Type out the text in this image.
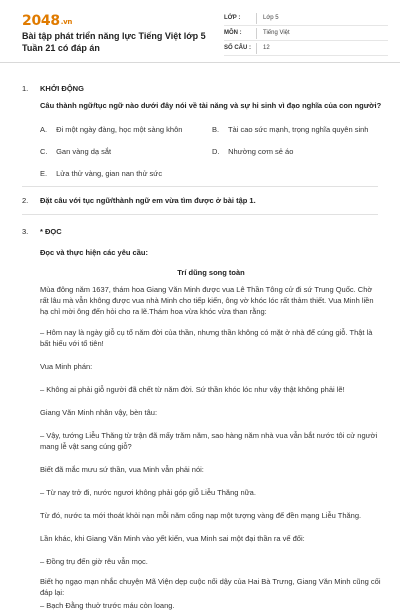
2048.vn
Bài tập phát triển năng lực Tiếng Việt lớp 5 Tuần 21 có đáp án
LỚP :	Lớp 5
MÔN :	Tiếng Việt
SỐ CÂU :	12
1. KHỞI ĐỘNG
Câu thành ngữ/tục ngữ nào dưới đây nói về tài năng và sự hi sinh vì đạo nghĩa của con người?
A. Đi một ngày đàng, học một sàng khôn	B. Tài cao sức mạnh, trọng nghĩa quyên sinh
C. Gan vàng dạ sắt	D. Nhường cơm sẻ áo
E. Lửa thử vàng, gian nan thử sức
2. Đặt câu với tục ngữ/thành ngữ em vừa tìm được ở bài tập 1.
3. * ĐỌC
Đọc và thực hiện các yêu cầu:
Trí dũng song toàn
Mùa đông năm 1637, thám hoa Giang Văn Minh được vua Lê Thần Tông cử đi sứ Trung Quốc. Chờ rất lâu mà vẫn không được vua nhà Minh cho tiếp kiến, ông vờ khóc lóc rất thảm thiết. Vua Minh liền hạ chỉ mời ông đến hỏi cho ra lẽ.Thám hoa vừa khóc vừa than rằng:
– Hôm nay là ngày giỗ cụ tổ năm đời của thần, nhưng thần không có mặt ở nhà để cúng giỗ. Thật là bất hiếu với tổ tiên!
Vua Minh phán:
– Không ai phải giỗ người đã chết từ năm đời. Sứ thần khóc lóc như vậy thật không phải lẽ!
Giang Văn Minh nhân vậy, bèn tâu:
– Vậy, tướng Liễu Thăng từ trận đã mấy trăm năm, sao hàng năm nhà vua vẫn bắt nước tôi cử người mang lễ vật sang cúng giỗ?
Biết đã mắc mưu sứ thần, vua Minh vẫn phải nói:
– Từ nay trở đi, nước ngươi không phải góp giỗ Liễu Thăng nữa.
Từ đó, nước ta mới thoát khỏi nạn mỗi năm cống nạp một tượng vàng để đền mạng Liễu Thăng.
Lần khác, khi Giang Văn Minh vào yết kiến, vua Minh sai một đại thần ra vế đối:
– Đồng trụ đến giờ rêu vẫn mọc.
Biết họ ngạo mạn nhắc chuyện Mã Viện dẹp cuộc nổi dậy của Hai Bà Trưng, Giang Văn Minh cũng cối đáp lại:
– Bạch Đằng thuở trước máu còn loang.
